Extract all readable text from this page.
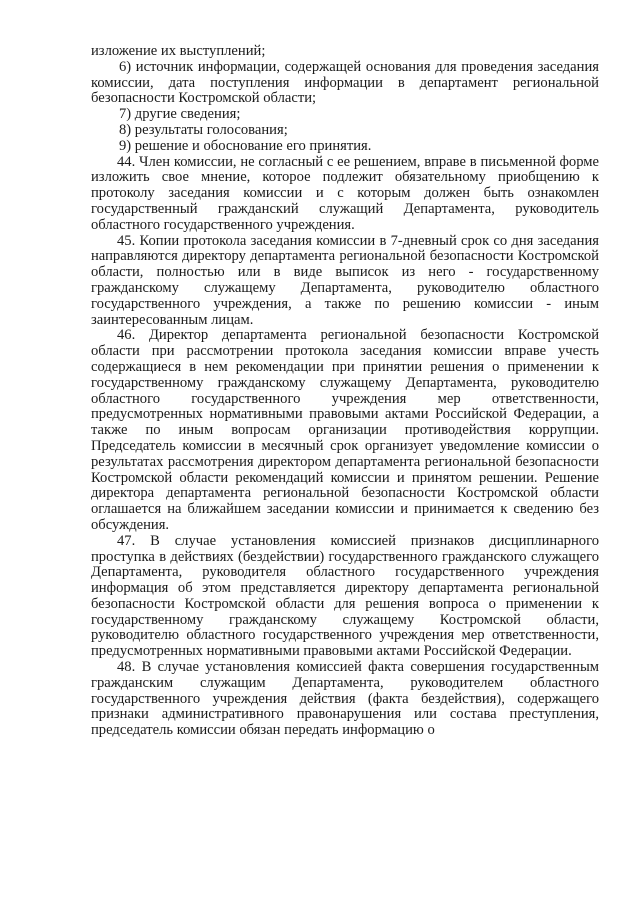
изложение их выступлений;

6) источник информации, содержащей основания для проведения заседания комиссии, дата поступления информации в департамент региональной безопасности Костромской области;

7) другие сведения;

8) результаты голосования;

9) решение и обоснование его принятия.

44. Член комиссии, не согласный с ее решением, вправе в письменной форме изложить свое мнение, которое подлежит обязательному приобщению к протоколу заседания комиссии и с которым должен быть ознакомлен государственный гражданский служащий Департамента, руководитель областного государственного учреждения.

45. Копии протокола заседания комиссии в 7-дневный срок со дня заседания направляются директору департамента региональной безопасности Костромской области, полностью или в виде выписок из него - государственному гражданскому служащему Департамента, руководителю областного государственного учреждения, а также по решению комиссии - иным заинтересованным лицам.

46. Директор департамента региональной безопасности Костромской области при рассмотрении протокола заседания комиссии вправе учесть содержащиеся в нем рекомендации при принятии решения о применении к государственному гражданскому служащему Департамента, руководителю областного государственного учреждения мер ответственности, предусмотренных нормативными правовыми актами Российской Федерации, а также по иным вопросам организации противодействия коррупции. Председатель комиссии в месячный срок организует уведомление комиссии о результатах рассмотрения директором департамента региональной безопасности Костромской области рекомендаций комиссии и принятом решении. Решение директора департамента региональной безопасности Костромской области оглашается на ближайшем заседании комиссии и принимается к сведению без обсуждения.

47. В случае установления комиссией признаков дисциплинарного проступка в действиях (бездействии) государственного гражданского служащего Департамента, руководителя областного государственного учреждения информация об этом представляется директору департамента региональной безопасности Костромской области для решения вопроса о применении к государственному гражданскому служащему Костромской области, руководителю областного государственного учреждения мер ответственности, предусмотренных нормативными правовыми актами Российской Федерации.

48. В случае установления комиссией факта совершения государственным гражданским служащим Департамента, руководителем областного государственного учреждения действия (факта бездействия), содержащего признаки административного правонарушения или состава преступления, председатель комиссии обязан передать информацию о
